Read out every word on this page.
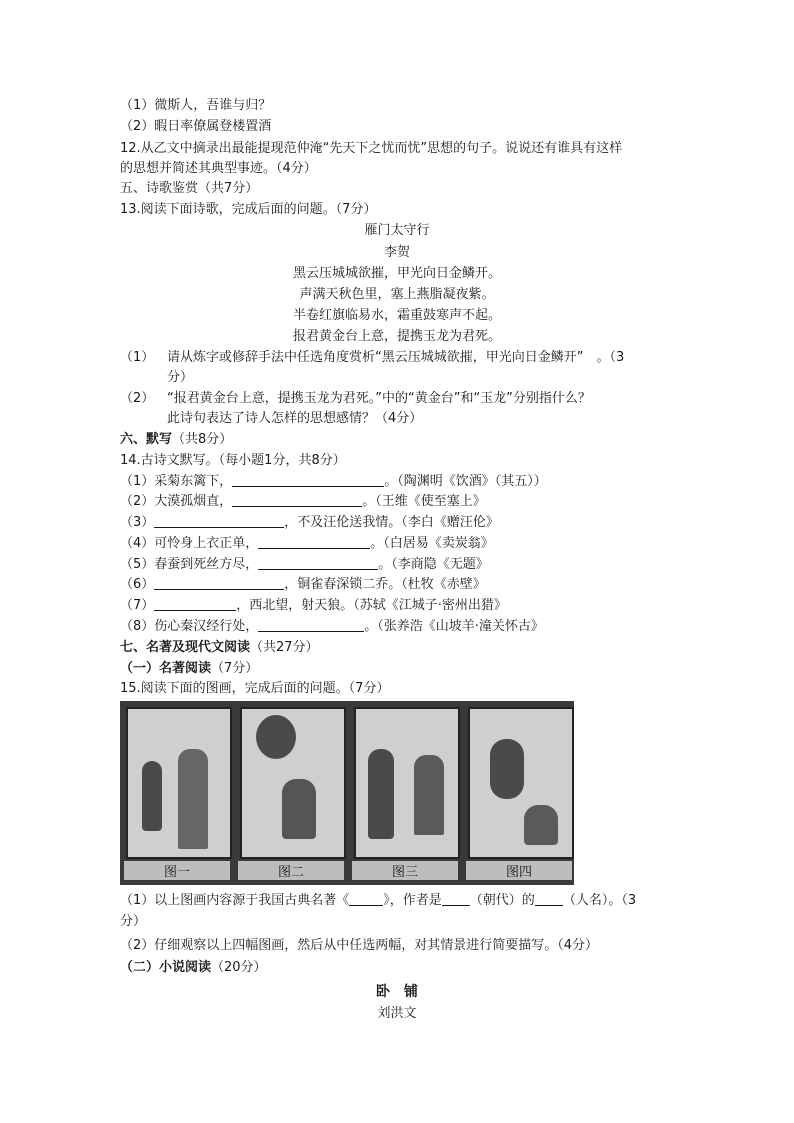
（1）微斯人，吾谁与归？
（2）暇日率僚属登楼置酒
12.从乙文中摘录出最能提现范仲淹“先天下之忧而忧”思想的句子。说说还有谁具有这样
的思想并简述其典型事迹。（4分）
五、诗歌鉴赏（共7分）
13.阅读下面诗歌，完成后面的问题。（7分）
雁门太守行
李贺
黑云压城城欲摧，甲光向日金鳞开。
声满天秋色里，塞上燕脂凝夜紫。
半卷红旗临易水，霜重鼓寒声不起。
报君黄金台上意，提携玉龙为君死。
（1） 请从炼字或修辞手法中任选角度赏析“黑云压城城欲摧，甲光向日金鳞开”　。（3
分）
（2） “报君黄金台上意，提携玉龙为君死。”中的“黄金台”和“玉龙”分别指什么？
此诗句表达了诗人怎样的思想感情？（4分）
六、默写（共8分）
14.古诗文默写。（每小题1分，共8分）
（1）采菊东篱下，	。（陶渊明《饮酒》（其五））
（2）大漠孤烟直，	。（王维《使至塞上》
（3）	，不及汪伦送我情。（李白《赠汪伦》
（4）可怜身上衣正单，	。（白居易《卖炭翁》
（5）春蚕到死丝方尽，	。（李商隐《无题》
（6）	，铜雀春深锁二乔。（杜牧《赤壁》
（7）	，西北望，射天狼。（苏轼《江城子·密州出猎》
（8）伤心秦汉经行处，	。（张养浩《山坡羊·潼关怀古》
七、名著及现代文阅读（共27分）
（一）名著阅读（7分）
15.阅读下面的图画，完成后面的问题。（7分）
图一	图二	图三	图四
（1）以上图画内容源于我国古典名著《	》，作者是 （朝代）的 （人名）。（3
分）
（2）仔细观察以上四幅图画，然后从中任选两幅，对其情景进行简要描写。（4分）
（二）小说阅读（20分）
卧　铺
刘洪文
